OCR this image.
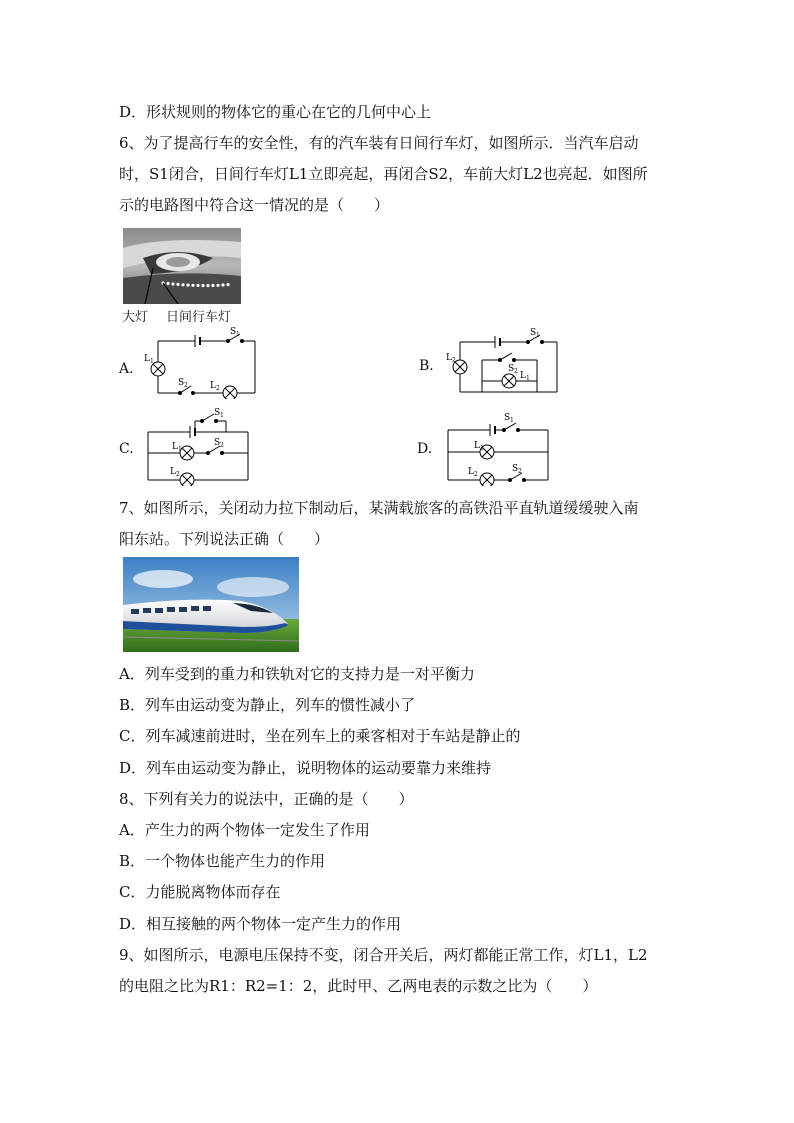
D．形状规则的物体它的重心在它的几何中心上
6、为了提高行车的安全性，有的汽车装有日间行车灯，如图所示．当汽车启动
时，S1闭合，日间行车灯L1立即亮起，再闭合S2，车前大灯L2也亮起．如图所
示的电路图中符合这一情况的是（　　）
大灯 日间行车灯
A.
S 1
L 1
S 2 L 2
B.
S 1
L 2
S 2 L 1
C.
S 1
L 1
S 2
L 2
D.
S 1
L 1
L 2
S 2
7、如图所示，关闭动力拉下制动后，某满载旅客的高铁沿平直轨道缓缓驶入南
阳东站。下列说法正确（　　）
A．列车受到的重力和铁轨对它的支持力是一对平衡力
B．列车由运动变为静止，列车的惯性减小了
C．列车减速前进时，坐在列车上的乘客相对于车站是静止的
D．列车由运动变为静止，说明物体的运动要靠力来维持
8、下列有关力的说法中，正确的是（　　）
A．产生力的两个物体一定发生了作用
B．一个物体也能产生力的作用
C．力能脱离物体而存在
D．相互接触的两个物体一定产生力的作用
9、如图所示，电源电压保持不变，闭合开关后，两灯都能正常工作，灯L1，L2
的电阻之比为R1：R2=1：2，此时甲、乙两电表的示数之比为（　　）
